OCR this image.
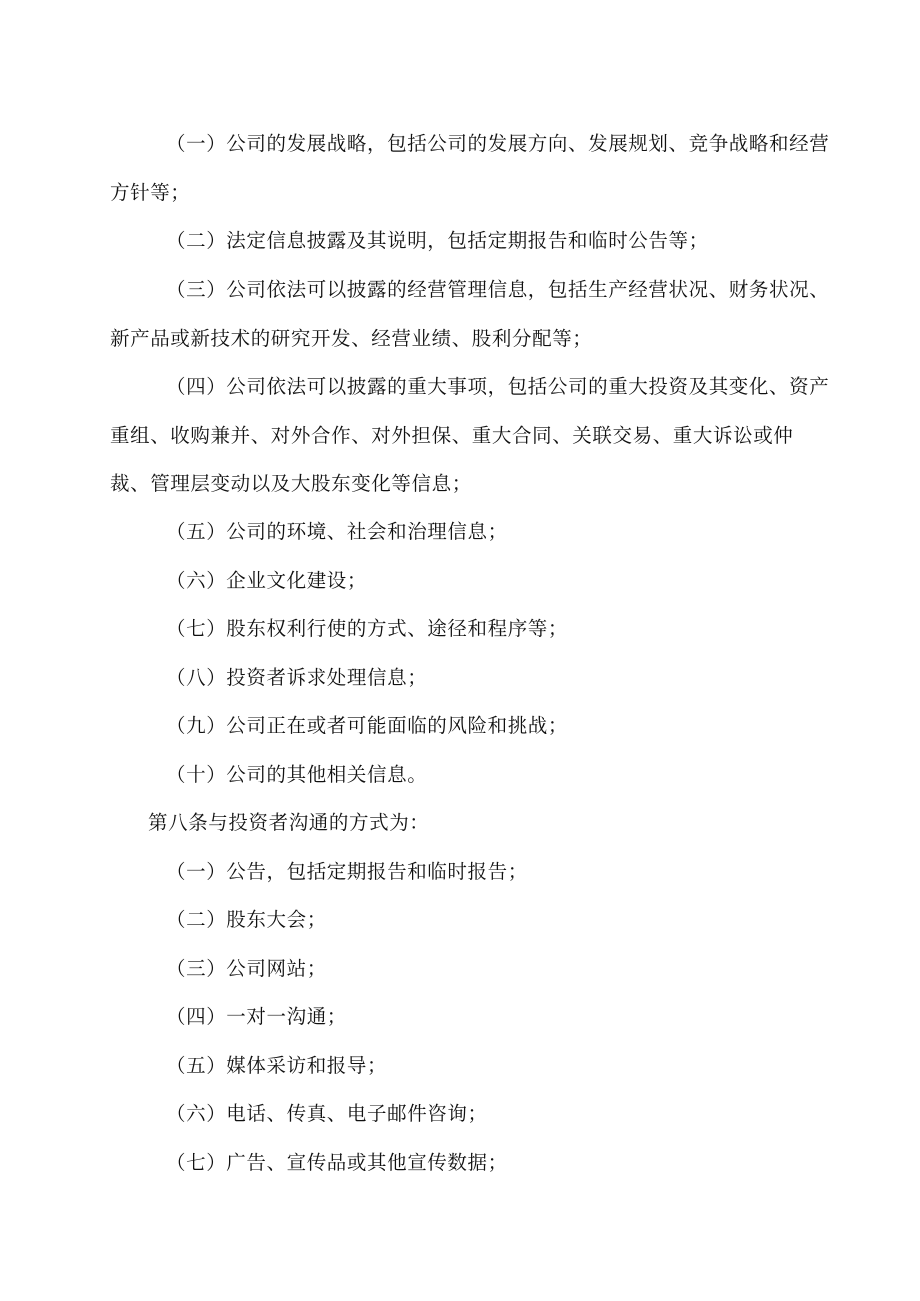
（一）公司的发展战略，包括公司的发展方向、发展规划、竞争战略和经营方针等；

（二）法定信息披露及其说明，包括定期报告和临时公告等；

（三）公司依法可以披露的经营管理信息，包括生产经营状况、财务状况、新产品或新技术的研究开发、经营业绩、股利分配等；

（四）公司依法可以披露的重大事项，包括公司的重大投资及其变化、资产重组、收购兼并、对外合作、对外担保、重大合同、关联交易、重大诉讼或仲裁、管理层变动以及大股东变化等信息；

（五）公司的环境、社会和治理信息；

（六）企业文化建设；

（七）股东权利行使的方式、途径和程序等；

（八）投资者诉求处理信息；

（九）公司正在或者可能面临的风险和挑战；

（十）公司的其他相关信息。

第八条与投资者沟通的方式为：

（一）公告，包括定期报告和临时报告；

（二）股东大会；

（三）公司网站；

（四）一对一沟通；

（五）媒体采访和报导；

（六）电话、传真、电子邮件咨询；

（七）广告、宣传品或其他宣传数据；
